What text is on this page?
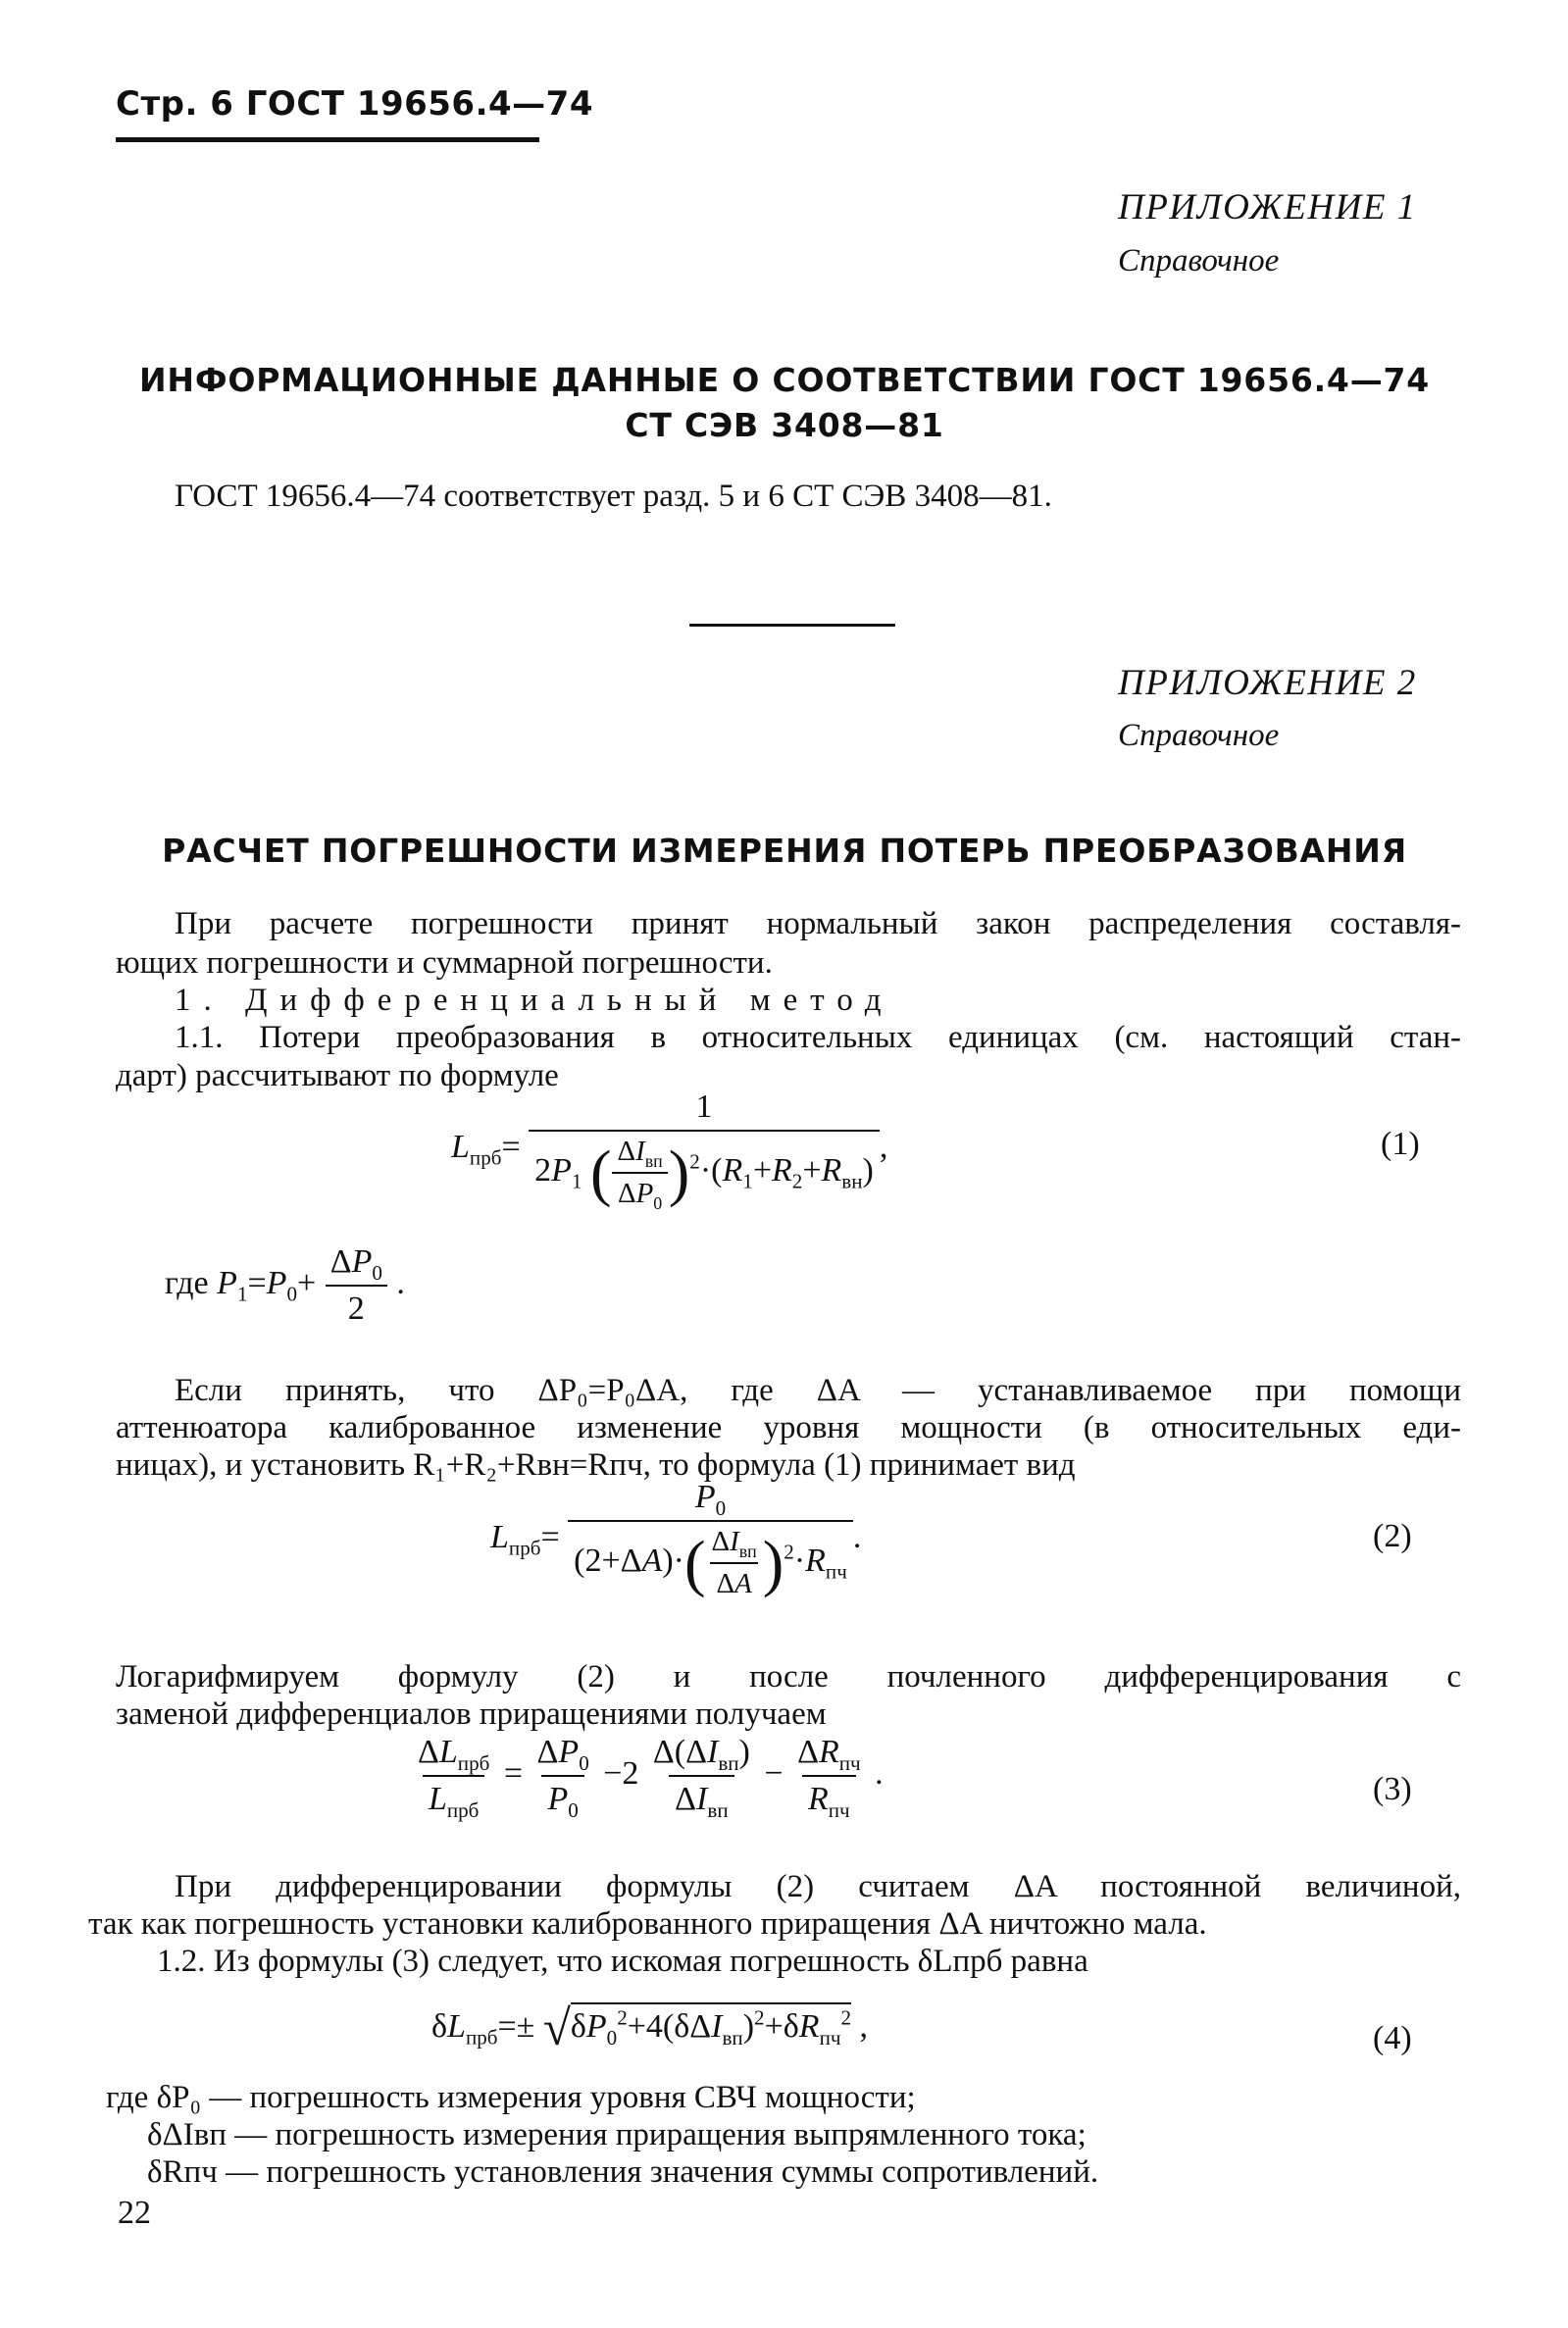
Стр. 6 ГОСТ 19656.4—74
ПРИЛОЖЕНИЕ 1
Справочное
ИНФОРМАЦИОННЫЕ ДАННЫЕ О СООТВЕТСТВИИ ГОСТ 19656.4—74
СТ СЭВ 3408—81
ГОСТ 19656.4—74 соответствует разд. 5 и 6 СТ СЭВ 3408—81.
ПРИЛОЖЕНИЕ 2
Справочное
РАСЧЕТ ПОГРЕШНОСТИ ИЗМЕРЕНИЯ ПОТЕРЬ ПРЕОБРАЗОВАНИЯ
При расчете погрешности принят нормальный закон распределения составля-
ющих погрешности и суммарной погрешности.
1. Дифференциальный метод
1.1. Потери преобразования в относительных единицах (см. настоящий стан-
дарт) рассчитывают по формуле
$L_{прб}= \frac{1}{2P_1 ( \frac{\Delta I_{вп}}{\Delta P_0} )^2\cdot(R_1+R_2+R_{вн})}$ ,	(1)
где $P_1=P_0+ \frac{\Delta P_0}{2}$ .
Если принять, что ΔP₀=P₀ΔA, где ΔA — устанавливаемое при помощи
аттенюатора калиброванное изменение уровня мощности (в относительных еди-
ницах), и установить R₁+R₂+Rвн=Rпч, то формула (1) принимает вид
$L_{прб}= \frac{P_0}{(2+\Delta A)\cdot( \frac{\Delta I_{вп}}{\Delta A} )^2\cdot R_{пч}}$ .	(2)
Логарифмируем формулу (2) и после почленного дифференцирования с
заменой дифференциалов приращениями получаем
$\frac{\Delta L_{прб}}{L_{прб}} = \frac{\Delta P_0}{P_0} -2 \frac{\Delta(\Delta I_{вп})}{\Delta I_{вп}} - \frac{\Delta R_{пч}}{R_{пч}}$ .	(3)
При дифференцировании формулы (2) считаем ΔA постоянной величиной,
так как погрешность установки калиброванного приращения ΔA ничтожно мала.
1.2. Из формулы (3) следует, что искомая погрешность δLпрб равна
$\delta L_{прб}=\pm √\delta P_0^2+4(\delta\Delta I_{вп})^2+\delta R_{пч}^2$ ,	(4)
где δP₀ — погрешность измерения уровня СВЧ мощности;
δΔIвп — погрешность измерения приращения выпрямленного тока;
δRпч — погрешность установления значения суммы сопротивлений.
22
